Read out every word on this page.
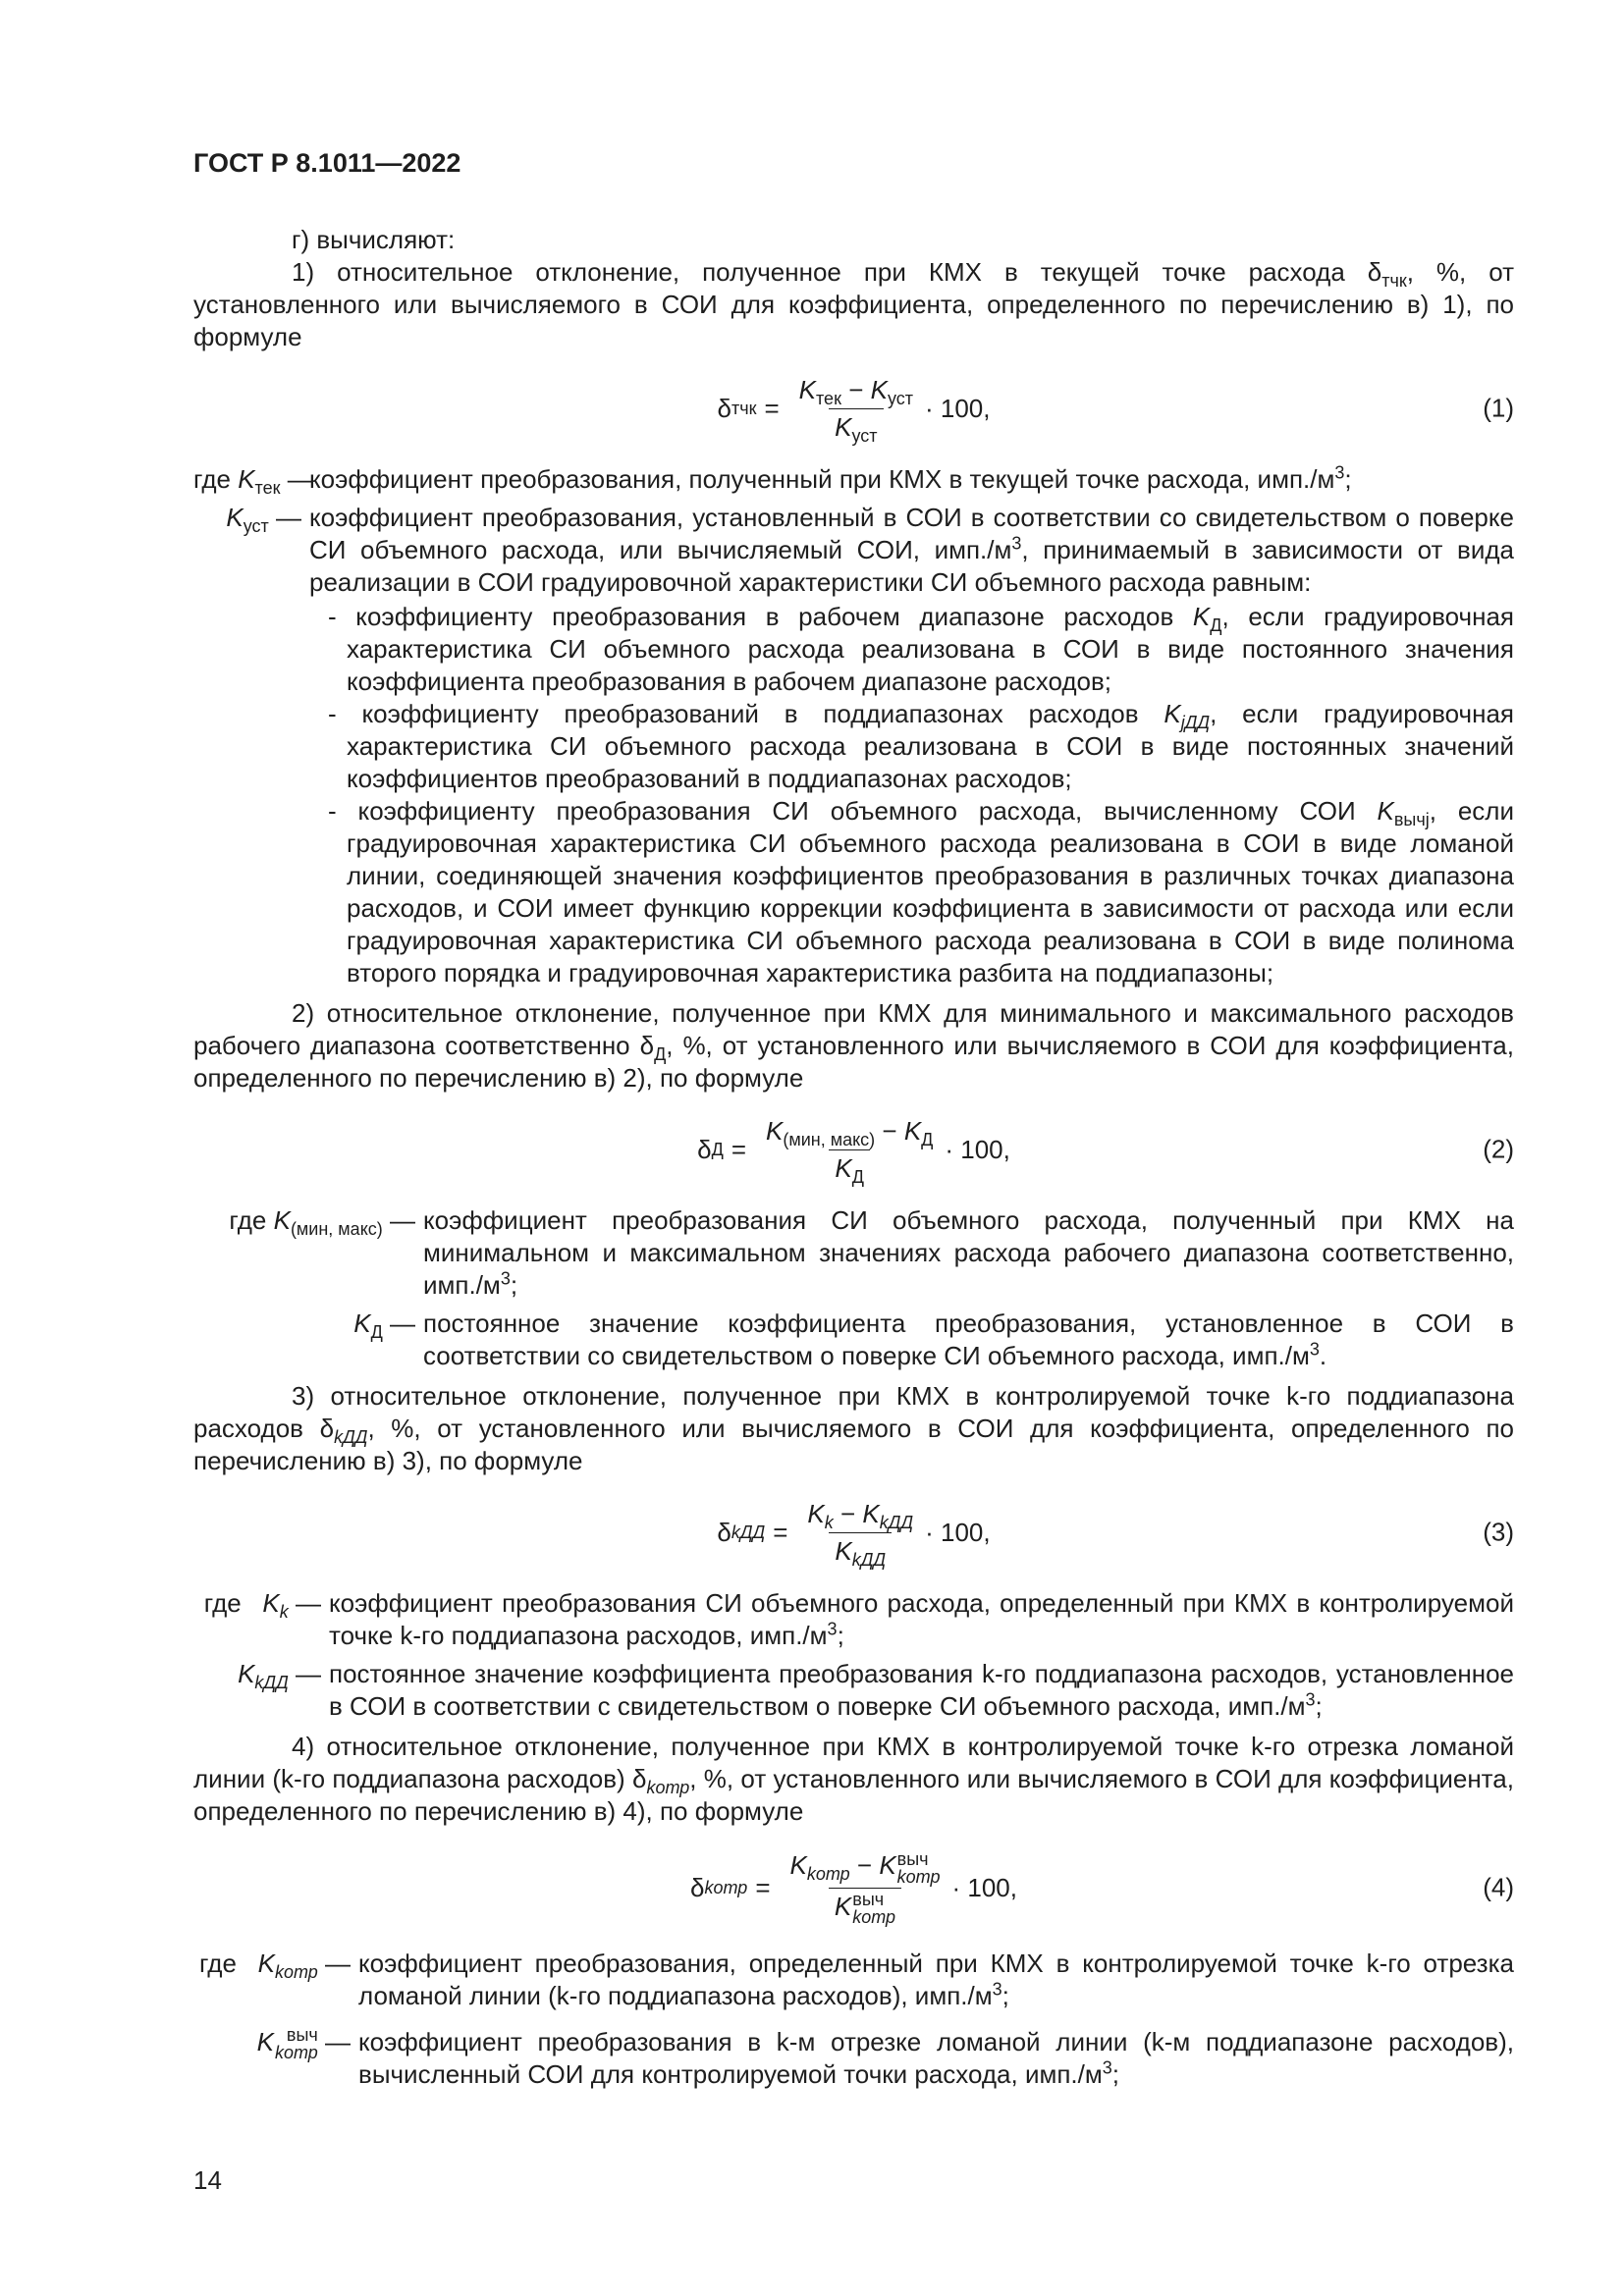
ГОСТ Р 8.1011—2022

г) вычисляют:

1) относительное отклонение, полученное при КМХ в текущей точке расхода $\delta_{тчк}$, %, от установленного или вычисляемого в СОИ для коэффициента, определенного по перечислению в) 1), по формуле

δ тчк = $\frac{K_{тек} - K_{уст}}{K_{уст}} \cdot 100$,	(1)
где $K_{тек}$ —
коэффициент преобразования, полученный при КМХ в текущей точке расхода, $имп./м^3$;
$K_{уст}$ — коэффициент преобразования, установленный в СОИ в соответствии со свидетельством о поверке СИ объемного расхода, или вычисляемый СОИ, $имп./м^3$, принимаемый в зависимости от вида реализации в СОИ градуировочной характеристики СИ объемного расхода равным:
- коэффициенту преобразования в рабочем диапазоне расходов $K_Д$, если градуировочная характеристика СИ объемного расхода реализована в СОИ в виде постоянного значения коэффициента преобразования в рабочем диапазоне расходов;
- коэффициенту преобразований в поддиапазонах расходов $K_{jДД}$, если градуировочная характеристика СИ объемного расхода реализована в СОИ в виде постоянных значений коэффициентов преобразований в поддиапазонах расходов;
- коэффициенту преобразования СИ объемного расхода, вычисленному СОИ $K_{вычj}$, если градуировочная характеристика СИ объемного расхода реализована в СОИ в виде ломаной линии, соединяющей значения коэффициентов преобразования в различных точках диапазона расходов, и СОИ имеет функцию коррекции коэффициента в зависимости от расхода или если градуировочная характеристика СИ объемного расхода реализована в СОИ в виде полинома второго порядка и градуировочная характеристика разбита на поддиапазоны;

2) относительное отклонение, полученное при КМХ для минимального и максимального расходов рабочего диапазона соответственно $\delta_Д$, %, от установленного или вычисляемого в СОИ для коэффициента, определенного по перечислению в) 2), по формуле

δ $Д = \frac{K_{(мин, макс)} - K_Д}{K_Д} \cdot 100$,	(2)
где $K_{(мин, макс)}$ — коэффициент преобразования СИ объемного расхода, полученный при КМХ на минимальном и максимальном значениях расхода рабочего диапазона соответственно, $имп./м^3$;
$K_Д$ — постоянное значение коэффициента преобразования, установленное в СОИ в соответствии со свидетельством о поверке СИ объемного расхода, $имп./м^3$.

3) относительное отклонение, полученное при КМХ в контролируемой точке k-го поддиапазона расходов $\delta_{kДД}$, %, от установленного или вычисляемого в СОИ для коэффициента, определенного по перечислению в) 3), по формуле

δ kДД = $\frac{K_k - K_{kДД}}{K_{kДД}} \cdot 100$,	(3)
где $K_k$ — коэффициент преобразования СИ объемного расхода, определенный при КМХ в контролируемой точке k-го поддиапазона расходов, $имп./м^3$;
$K_{kДД}$ — постоянное значение коэффициента преобразования k-го поддиапазона расходов, установленное в СОИ в соответствии с свидетельством о поверке СИ объемного расхода, $имп./м^3$;

4) относительное отклонение, полученное при КМХ в контролируемой точке k-го отрезка ломаной линии (k-го поддиапазона расходов) $\delta_{kотр}$, %, от установленного или вычисляемого в СОИ для коэффициента, определенного по перечислению в) 4), по формуле

δ kотр = $K_{kотр} - K$ выч
kотр
K выч
kотр · 100,	(4)
где $K_{kотр}$ — коэффициент преобразования, определенный при КМХ в контролируемой точке k-го отрезка ломаной линии (k-го поддиапазона расходов), $имп./м^3$;
K выч
kотр — коэффициент преобразования в k-м отрезке ломаной линии (k-м поддиапазоне расходов), вычисленный СОИ для контролируемой точки расхода, $имп./м^3$;
14
